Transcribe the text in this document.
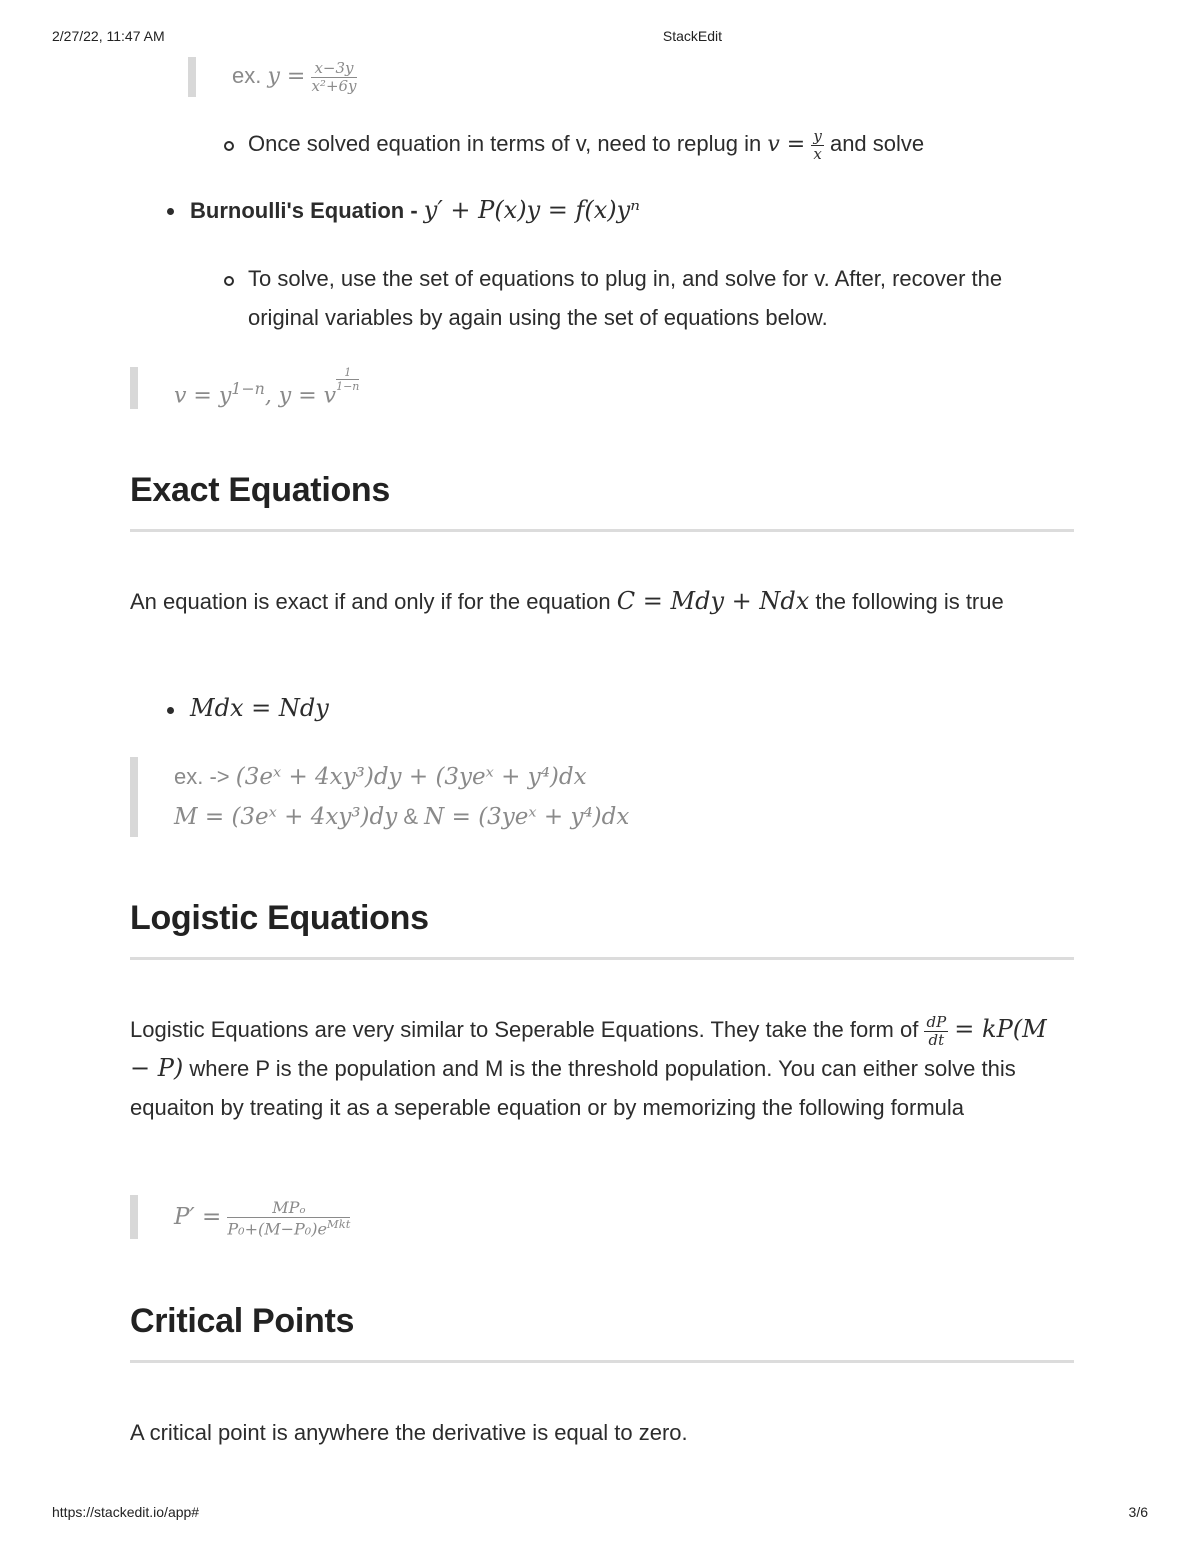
2/27/22, 11:47 AM	StackEdit
ex. $y = \frac{x-3y}{\text{x²+6y}}$
Once solved equation in terms of v, need to replug in $v = \frac{y}{x}$ and solve
Burnoulli's Equation - y′ + P(x)y = f(x)yⁿ
To solve, use the set of equations to plug in, and solve for v. After, recover the original variables by again using the set of equations below.
$v = y^{1-n}$, y = v
$\frac{1}{1-n}$
Exact Equations

An equation is exact if and only if for the equation C = Mdy + Ndx the following is true

Mdx = Ndy
ex. -> (3eˣ + 4xy³)dy + (3yeˣ + y⁴)dx
M = (3eˣ + 4xy³)dy & N = (3yeˣ + y⁴)dx
Logistic Equations

Logistic Equations are very similar to Seperable Equations. They take the form of $\frac{dP}{dt} = kP(M - P)$ where P is the population and M is the threshold population. You can either solve this equaiton by treating it as a seperable equation or by memorizing the following formula

$P' = \frac{\text{MPₒ}}{P_0+(M-P_0)e^{Mkt}}$
Critical Points

A critical point is anywhere the derivative is equal to zero.

https://stackedit.io/app#	3/6
